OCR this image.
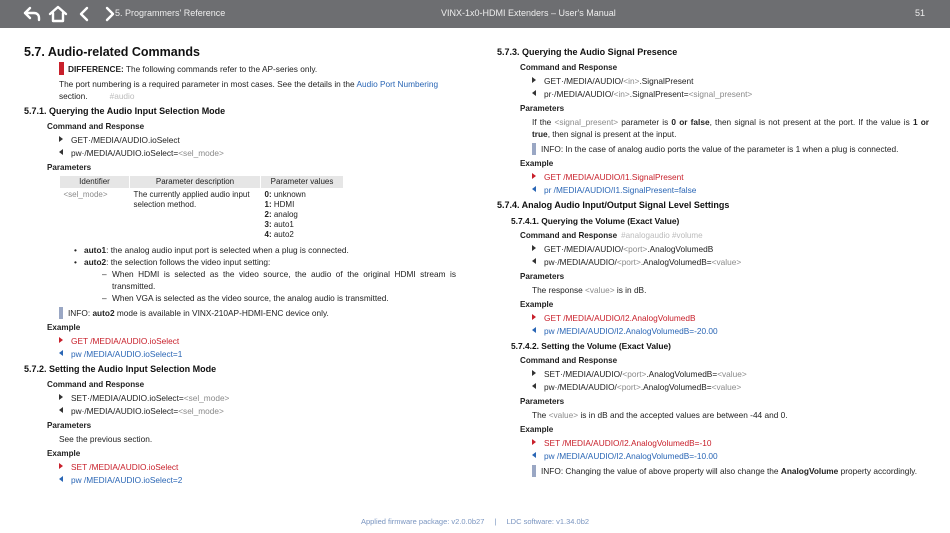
5. Programmers' Reference	VINX-1x0-HDMI Extenders – User's Manual	51
5.7. Audio-related Commands
DIFFERENCE: The following commands refer to the AP-series only.
The port numbering is a required parameter in most cases. See the details in the Audio Port Numbering
section.	#audio
5.7.1. Querying the Audio Input Selection Mode
Command and Response
GET·/MEDIA/AUDIO.ioSelect
pw·/MEDIA/AUDIO.ioSelect=<sel_mode>
Parameters
Identifier	Parameter description	Parameter values
<sel_mode>	The currently applied audio input selection method.	0: unknown
1: HDMI
2: analog
3: auto1
4: auto2
• auto1: the analog audio input port is selected when a plug is connected.
• auto2: the selection follows the video input setting:
– When HDMI is selected as the video source, the audio of the original HDMI stream is transmitted.
– When VGA is selected as the video source, the analog audio is transmitted.
INFO: auto2 mode is available in VINX-210AP-HDMI-ENC device only.
Example
GET /MEDIA/AUDIO.ioSelect
pw /MEDIA/AUDIO.ioSelect=1
5.7.2. Setting the Audio Input Selection Mode
Command and Response
SET·/MEDIA/AUDIO.ioSelect=<sel_mode>
pw·/MEDIA/AUDIO.ioSelect=<sel_mode>
Parameters
See the previous section.
Example
SET /MEDIA/AUDIO.ioSelect
pw /MEDIA/AUDIO.ioSelect=2
5.7.3. Querying the Audio Signal Presence
Command and Response
GET·/MEDIA/AUDIO/<in>.SignalPresent
pr·/MEDIA/AUDIO/<in>.SignalPresent=<signal_present>
Parameters
If the <signal_present> parameter is 0 or false, then signal is not present at the port. If the value is 1 or true, then signal is present at the input.
INFO: In the case of analog audio ports the value of the parameter is 1 when a plug is connected.
Example
GET /MEDIA/AUDIO/I1.SignalPresent
pr /MEDIA/AUDIO/I1.SignalPresent=false
5.7.4. Analog Audio Input/Output Signal Level Settings
5.7.4.1. Querying the Volume (Exact Value)
Command and Response #analogaudio #volume
GET·/MEDIA/AUDIO/<port>.AnalogVolumedB
pw·/MEDIA/AUDIO/<port>.AnalogVolumedB=<value>
Parameters
The response <value> is in dB.
Example
GET /MEDIA/AUDIO/I2.AnalogVolumedB
pw /MEDIA/AUDIO/I2.AnalogVolumedB=-20.00
5.7.4.2. Setting the Volume (Exact Value)
Command and Response
SET·/MEDIA/AUDIO/<port>.AnalogVolumedB=<value>
pw·/MEDIA/AUDIO/<port>.AnalogVolumedB=<value>
Parameters
The <value> is in dB and the accepted values are between -44 and 0.
Example
SET /MEDIA/AUDIO/I2.AnalogVolumedB=-10
pw /MEDIA/AUDIO/I2.AnalogVolumedB=-10.00
INFO: Changing the value of above property will also change the AnalogVolume property accordingly.
Applied firmware package: v2.0.0b27 | LDC software: v1.34.0b2
